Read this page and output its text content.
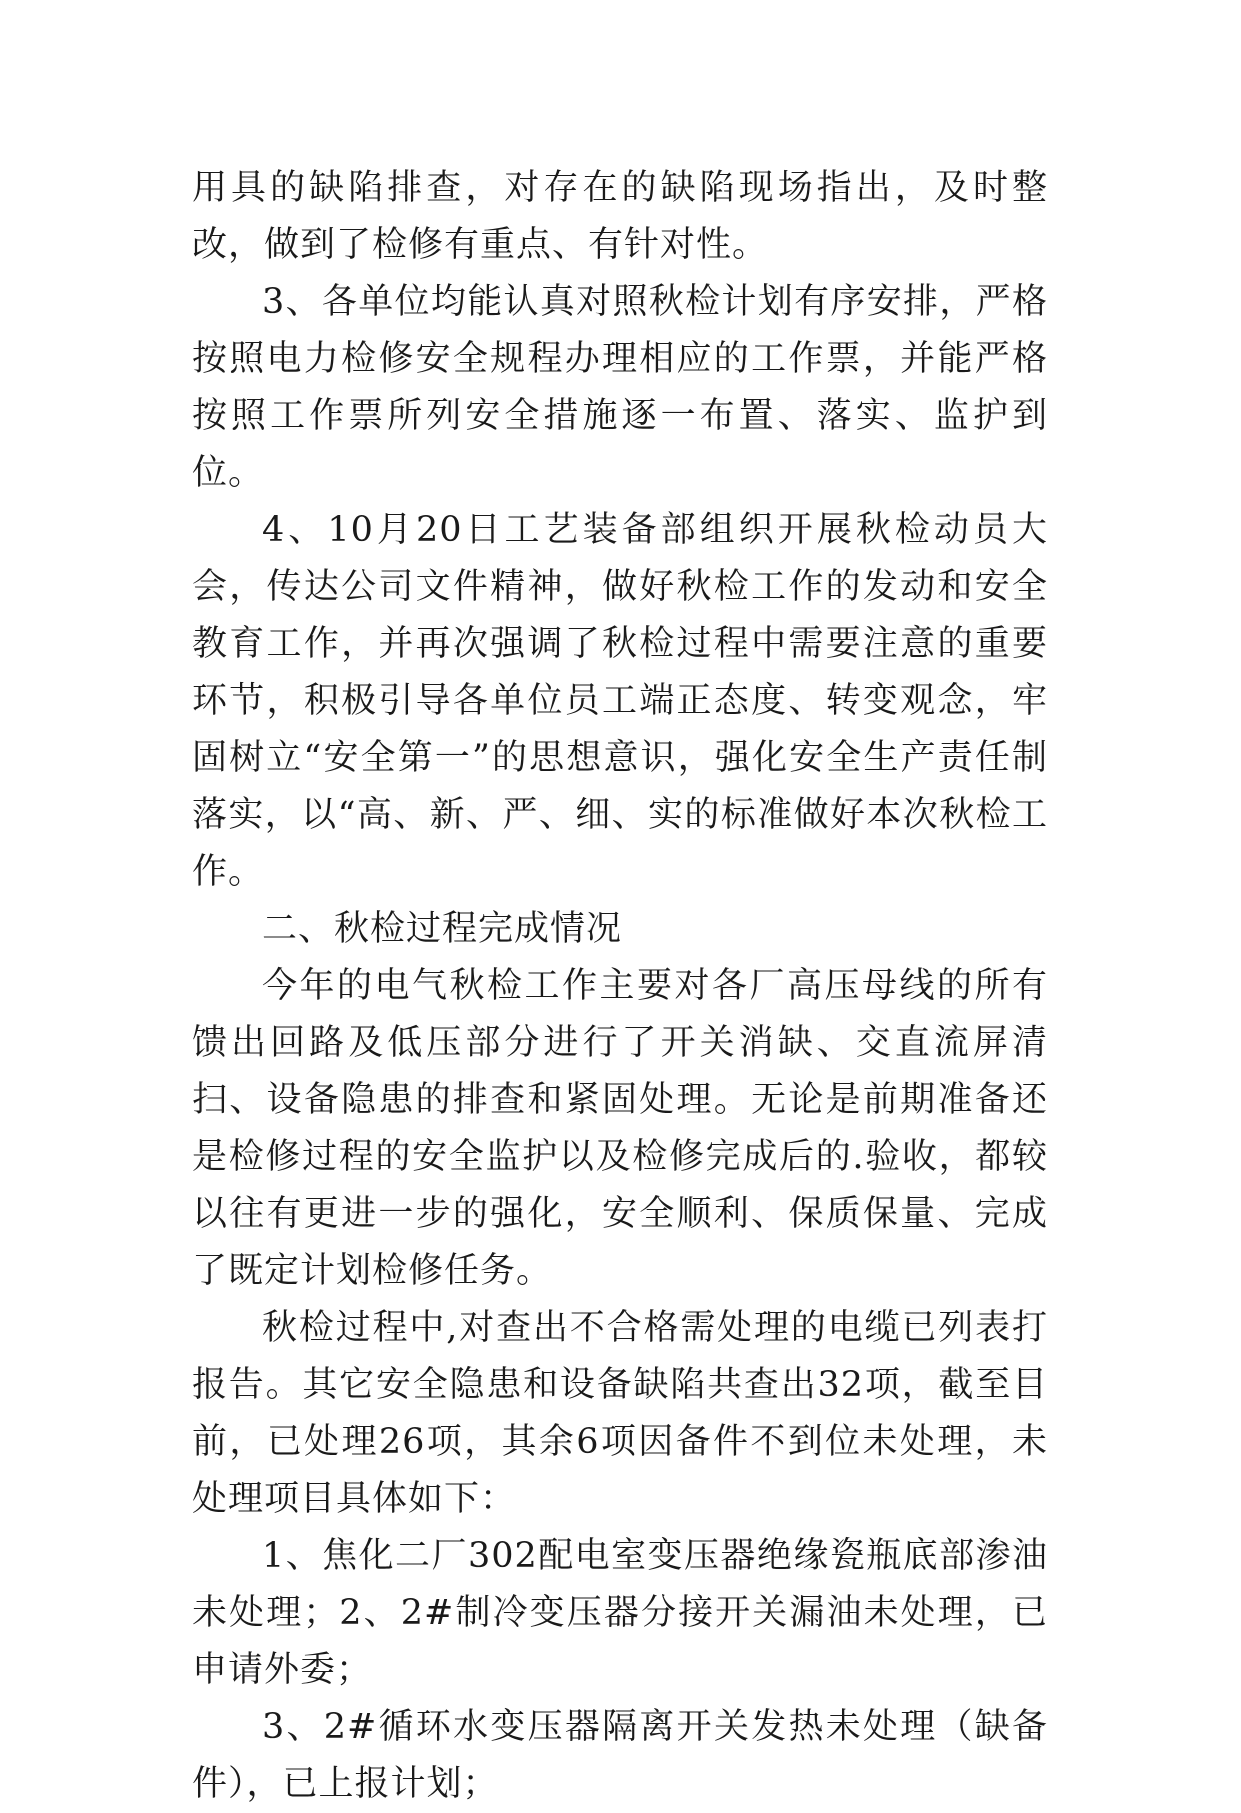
用具的缺陷排查，对存在的缺陷现场指出，及时整改，做到了检修有重点、有针对性。

3、各单位均能认真对照秋检计划有序安排，严格按照电力检修安全规程办理相应的工作票，并能严格按照工作票所列安全措施逐一布置、落实、监护到位。

4、10月20日工艺装备部组织开展秋检动员大会，传达公司文件精神，做好秋检工作的发动和安全教育工作，并再次强调了秋检过程中需要注意的重要环节，积极引导各单位员工端正态度、转变观念，牢固树立“安全第一”的思想意识，强化安全生产责任制落实，以“高、新、严、细、实的标准做好本次秋检工作。

二、秋检过程完成情况

今年的电气秋检工作主要对各厂高压母线的所有馈出回路及低压部分进行了开关消缺、交直流屏清扫、设备隐患的排查和紧固处理。无论是前期准备还是检修过程的安全监护以及检修完成后的.验收，都较以往有更进一步的强化，安全顺利、保质保量、完成了既定计划检修任务。

秋检过程中,对查出不合格需处理的电缆已列表打报告。其它安全隐患和设备缺陷共查出32项，截至目前，已处理26项，其余6项因备件不到位未处理，未处理项目具体如下：

1、焦化二厂302配电室变压器绝缘瓷瓶底部渗油未处理；2、2#制冷变压器分接开关漏油未处理，已申请外委；

3、2#循环水变压器隔离开关发热未处理（缺备件），已上报计划；
